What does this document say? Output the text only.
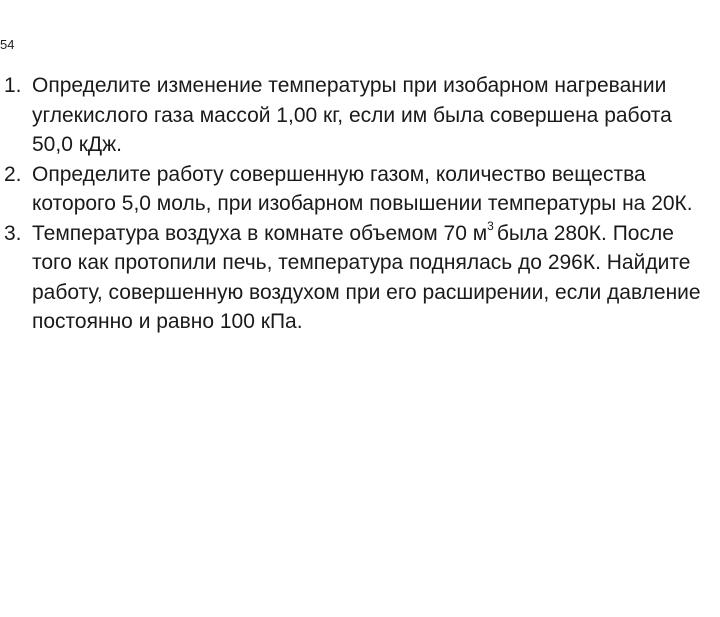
54
1. Определите изменение температуры при изобарном нагревании углекислого газа массой 1,00 кг, если им была совершена работа 50,0 кДж.
2. Определите работу совершенную газом, количество вещества которого 5,0 моль, при изобарном повышении температуры на 20К.
3. Температура воздуха в комнате объемом 70 $м^3$ была 280К. После того как протопили печь, температура поднялась до 296К. Найдите работу, совершенную воздухом при его расширении, если давление постоянно и равно 100 кПа.
